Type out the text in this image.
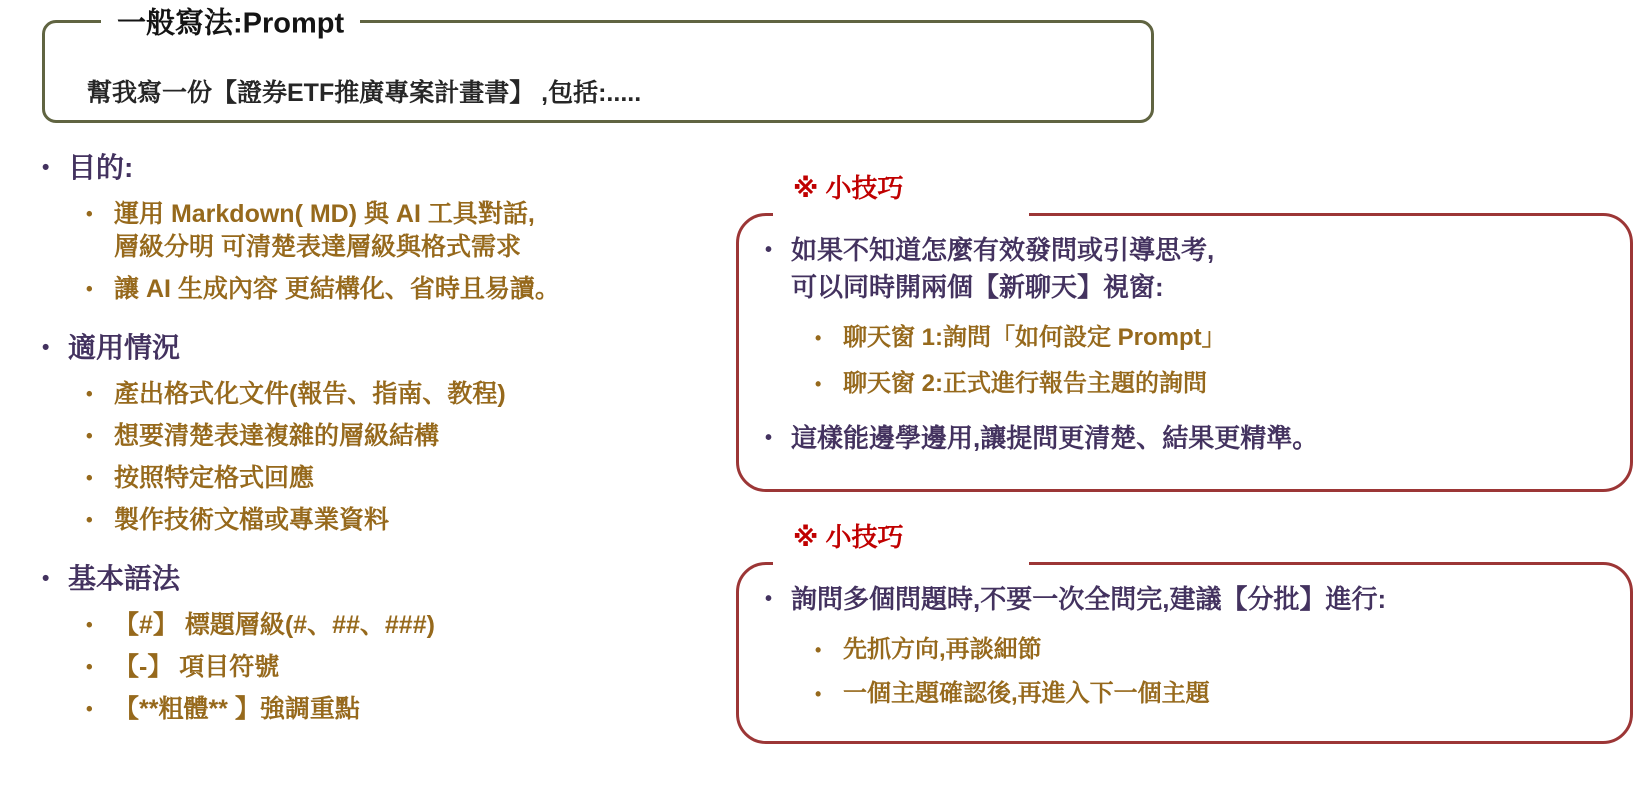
一般寫法:Prompt
幫我寫一份【證券ETF推廣專案計畫書】 ,包括:.....
•
目的:
•
運用 Markdown( MD) 與 AI 工具對話,
層級分明 可清楚表達層級與格式需求
•
讓 AI 生成內容 更結構化、省時且易讀。
•
適用情況
•
產出格式化文件(報告、指南、教程)
•
想要清楚表達複雜的層級結構
•
按照特定格式回應
•
製作技術文檔或專業資料
•
基本語法
•
【#】 標題層級(#、##、###)
•
【-】 項目符號
•
【**粗體** 】強調重點
※ 小技巧
•
如果不知道怎麼有效發問或引導思考,
可以同時開兩個【新聊天】視窗:
•
聊天窗 1:詢問「如何設定 Prompt」
•
聊天窗 2:正式進行報告主題的詢問
•
這樣能邊學邊用,讓提問更清楚、結果更精準。
※ 小技巧
•
詢問多個問題時,不要一次全問完,建議【分批】進行:
•
先抓方向,再談細節
•
一個主題確認後,再進入下一個主題
